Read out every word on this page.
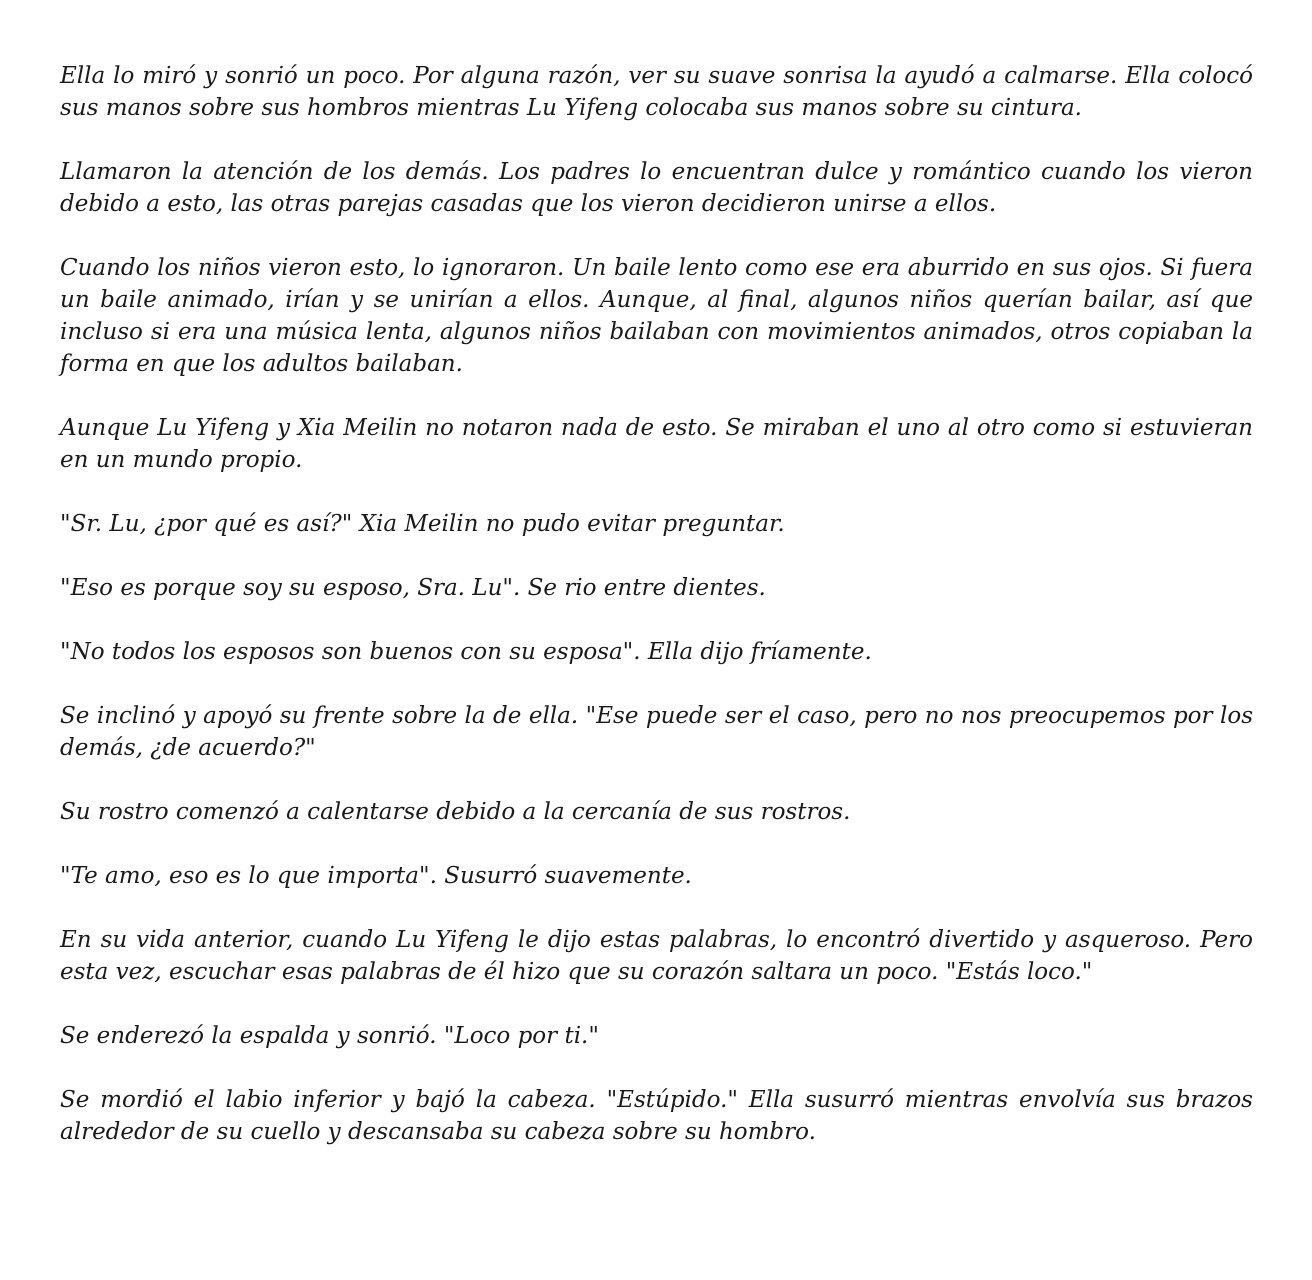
Ella lo miró y sonrió un poco. Por alguna razón, ver su suave sonrisa la ayudó a calmarse. Ella colocó sus manos sobre sus hombros mientras Lu Yifeng colocaba sus manos sobre su cintura.

Llamaron la atención de los demás. Los padres lo encuentran dulce y romántico cuando los vieron debido a esto, las otras parejas casadas que los vieron decidieron unirse a ellos.

Cuando los niños vieron esto, lo ignoraron. Un baile lento como ese era aburrido en sus ojos. Si fuera un baile animado, irían y se unirían a ellos. Aunque, al final, algunos niños querían bailar, así que incluso si era una música lenta, algunos niños bailaban con movimientos animados, otros copiaban la forma en que los adultos bailaban.

Aunque Lu Yifeng y Xia Meilin no notaron nada de esto. Se miraban el uno al otro como si estuvieran en un mundo propio.

"Sr. Lu, ¿por qué es así?" Xia Meilin no pudo evitar preguntar.

"Eso es porque soy su esposo, Sra. Lu". Se rio entre dientes.

"No todos los esposos son buenos con su esposa". Ella dijo fríamente.

Se inclinó y apoyó su frente sobre la de ella. "Ese puede ser el caso, pero no nos preocupemos por los demás, ¿de acuerdo?"

Su rostro comenzó a calentarse debido a la cercanía de sus rostros.

"Te amo, eso es lo que importa". Susurró suavemente.

En su vida anterior, cuando Lu Yifeng le dijo estas palabras, lo encontró divertido y asqueroso. Pero esta vez, escuchar esas palabras de él hizo que su corazón saltara un poco. "Estás loco."

Se enderezó la espalda y sonrió. "Loco por ti."

Se mordió el labio inferior y bajó la cabeza. "Estúpido." Ella susurró mientras envolvía sus brazos alrededor de su cuello y descansaba su cabeza sobre su hombro.
